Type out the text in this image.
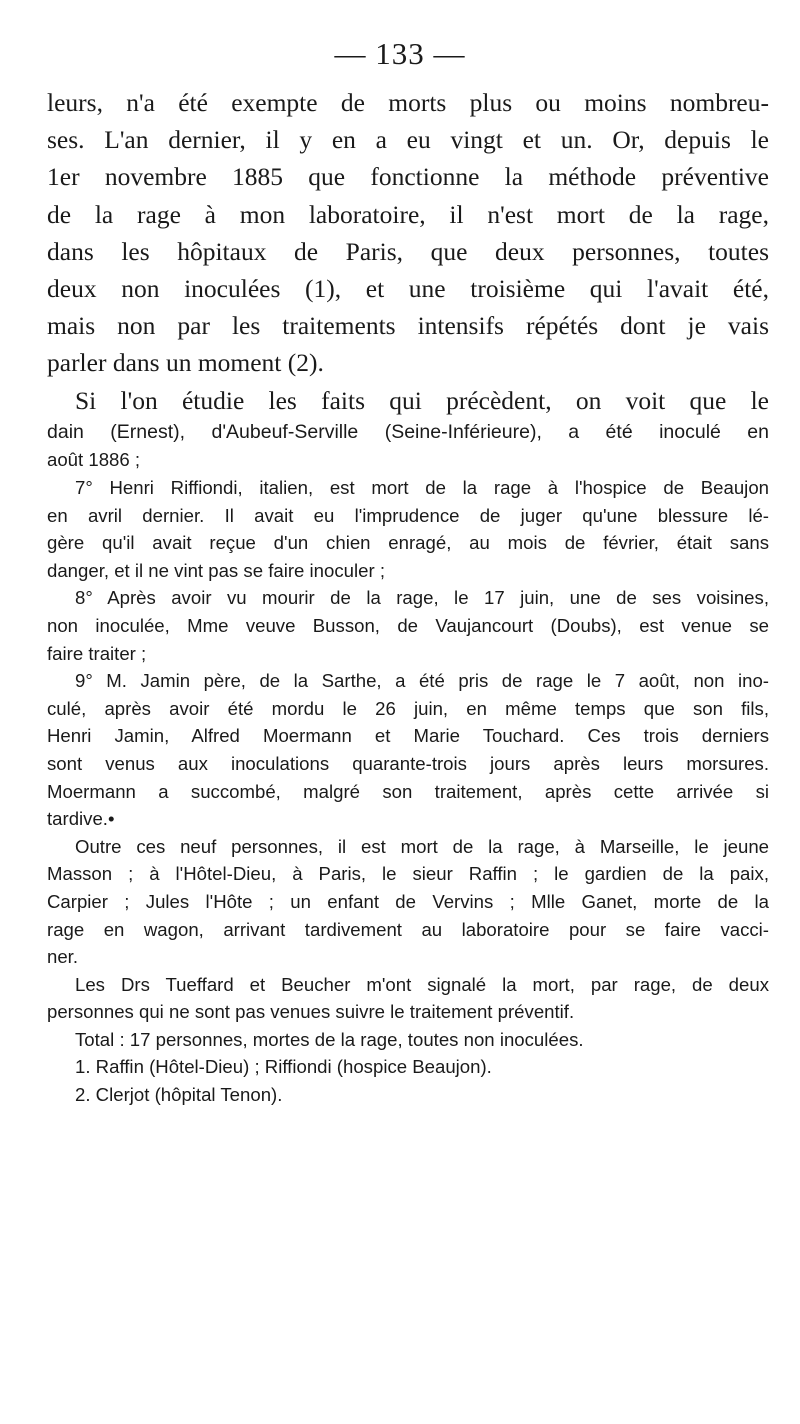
— 133 —
leurs, n'a été exempte de morts plus ou moins nombreu-
ses. L'an dernier, il y en a eu vingt et un. Or, depuis le
1er novembre 1885 que fonctionne la méthode préventive
de la rage à mon laboratoire, il n'est mort de la rage,
dans les hôpitaux de Paris, que deux personnes, toutes
deux non inoculées (1), et une troisième qui l'avait été,
mais non par les traitements intensifs répétés dont je vais
parler dans un moment (2).
Si l'on étudie les faits qui précèdent, on voit que le
dain (Ernest), d'Aubeuf-Serville (Seine-Inférieure), a été inoculé en
août 1886 ;
7° Henri Riffiondi, italien, est mort de la rage à l'hospice de Beaujon
en avril dernier. Il avait eu l'imprudence de juger qu'une blessure lé-
gère qu'il avait reçue d'un chien enragé, au mois de février, était sans
danger, et il ne vint pas se faire inoculer ;
8° Après avoir vu mourir de la rage, le 17 juin, une de ses voisines,
non inoculée, Mme veuve Busson, de Vaujancourt (Doubs), est venue se
faire traiter ;
9° M. Jamin père, de la Sarthe, a été pris de rage le 7 août, non ino-
culé, après avoir été mordu le 26 juin, en même temps que son fils,
Henri Jamin, Alfred Moermann et Marie Touchard. Ces trois derniers
sont venus aux inoculations quarante-trois jours après leurs morsures.
Moermann a succombé, malgré son traitement, après cette arrivée si
tardive.•
Outre ces neuf personnes, il est mort de la rage, à Marseille, le jeune
Masson ; à l'Hôtel-Dieu, à Paris, le sieur Raffin ; le gardien de la paix,
Carpier ; Jules l'Hôte ; un enfant de Vervins ; Mlle Ganet, morte de la
rage en wagon, arrivant tardivement au laboratoire pour se faire vacci-
ner.
Les Drs Tueffard et Beucher m'ont signalé la mort, par rage, de deux
personnes qui ne sont pas venues suivre le traitement préventif.
Total : 17 personnes, mortes de la rage, toutes non inoculées.
1. Raffin (Hôtel-Dieu) ; Riffiondi (hospice Beaujon).
2. Clerjot (hôpital Tenon).
